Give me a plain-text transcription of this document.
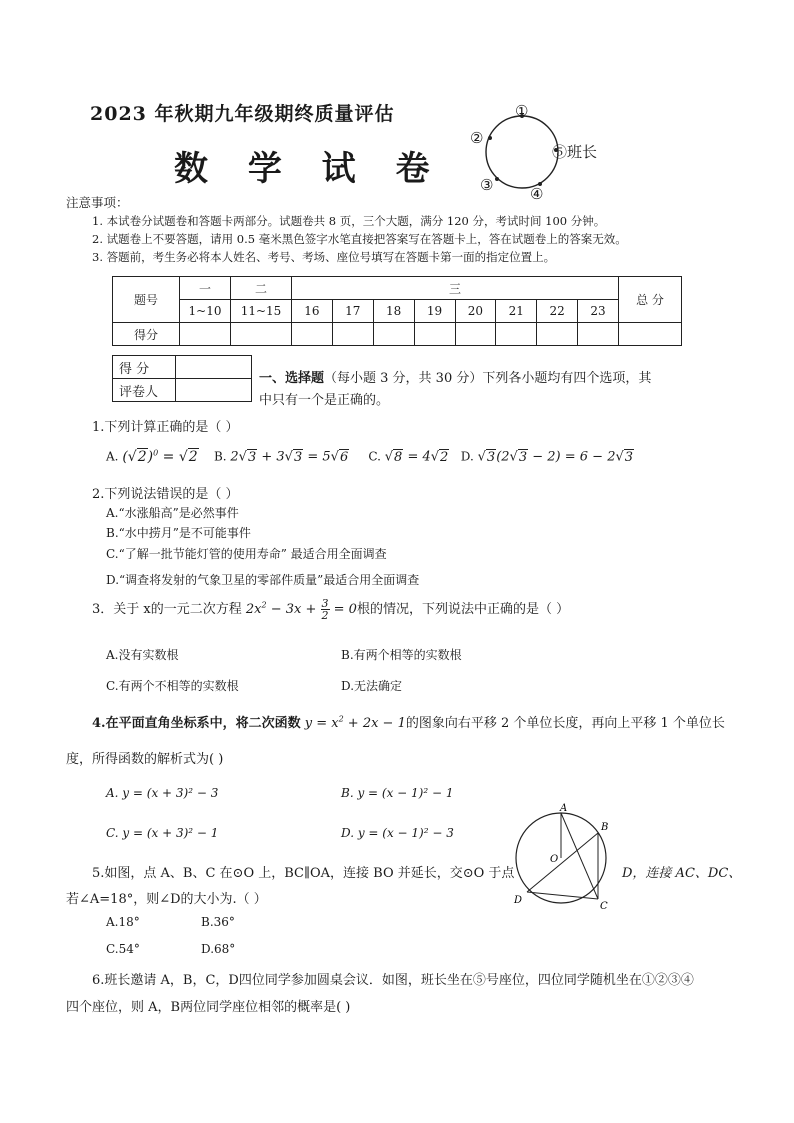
2023 年秋期九年级期终质量评估
数 学 试 卷
①
②
③ ④
⑤班长
注意事项：
1. 本试卷分试题卷和答题卡两部分。试题卷共 8 页，三个大题，满分 120 分，考试时间 100 分钟。
2. 试题卷上不要答题，请用 0.5 毫米黑色签字水笔直接把答案写在答题卡上，答在试题卷上的答案无效。
3. 答题前，考生务必将本人姓名、考号、考场、座位号填写在答题卡第一面的指定位置上。
题号	一	二	三								总 分
	1~10	11~15	16	17	18	19	20	21	22	23	
得分											
得 分	
评卷人	
一、选择题（每小题 3 分，共 30 分）下列各小题均有四个选项，其
中只有一个是正确的。
1.下列计算正确的是（ ）
A. $(√2)^0 = √2$ B. 2√3 + 3√3 = 5√6 C. √8 = 4√2 D. √3(2√3 − 2) = 6 − 2√3
2.下列说法错误的是（ ）
A.“水涨船高”是必然事件
B.“水中捞月”是不可能事件
C.“了解一批节能灯管的使用寿命” 最适合用全面调查
D.“调查将发射的气象卫星的零部件质量”最适合用全面调查
3．关于 x的一元二次方程 $2x^2 - 3x + \frac{3}{2} = 0$根的情况，下列说法中正确的是（ ）
A.没有实数根	B.有两个相等的实数根
C.有两个不相等的实数根	D.无法确定
4.在平面直角坐标系中，将二次函数 $y = x^2 + 2x - 1$的图象向右平移 2 个单位长度，再向上平移 1 个单位长
度，所得函数的解析式为( )
A. y = (x + 3)² − 3	B. y = (x − 1)² − 1
C. y = (x + 3)² − 1	D. y = (x − 1)² − 3
A
B
O
D
C
5.如图，点 A、B、C 在⊙O 上，BC∥OA，连接 BO 并延长，交⊙O 于点	D，连接 AC、DC、
若∠A=18°，则∠D的大小为.（ ）
A.18°	B.36°
C.54°	D.68°
6.班长邀请 A，B，C，D四位同学参加圆桌会议．如图，班长坐在⑤号座位，四位同学随机坐在①②③④
四个座位，则 A，B两位同学座位相邻的概率是( )
